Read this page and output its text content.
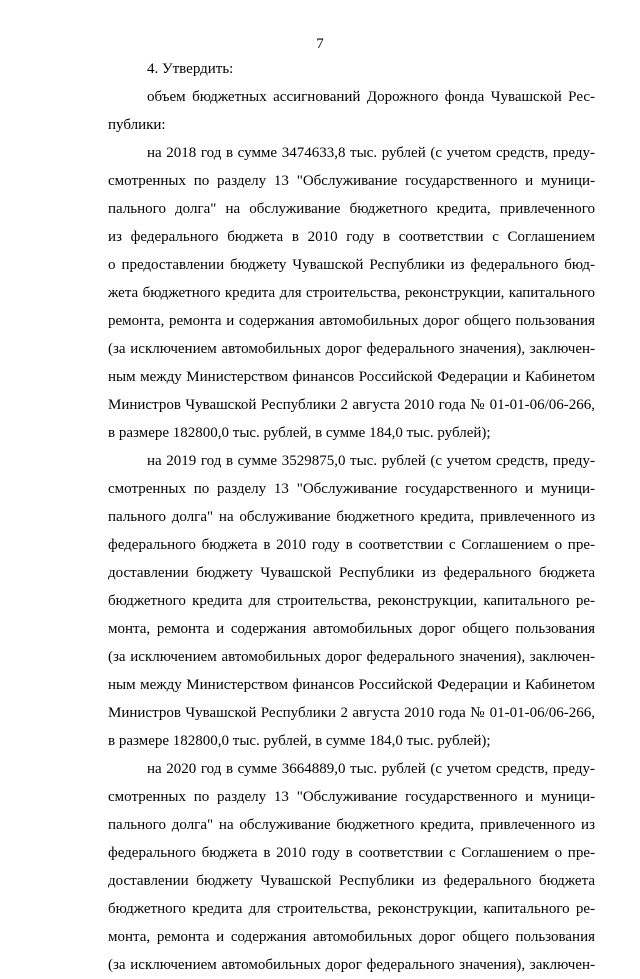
7
4. Утвердить:
объем бюджетных ассигнований Дорожного фонда Чувашской Рес-
публики:
на 2018 год в сумме 3474633,8 тыс. рублей (с учетом средств, преду-
смотренных по разделу 13 "Обслуживание государственного и муници-
пального долга" на обслуживание бюджетного кредита, привлеченного
из федерального бюджета в 2010 году в соответствии с Соглашением
о предоставлении бюджету Чувашской Республики из федерального бюд-
жета бюджетного кредита для строительства, реконструкции, капитального
ремонта, ремонта и содержания автомобильных дорог общего пользования
(за исключением автомобильных дорог федерального значения), заключен-
ным между Министерством финансов Российской Федерации и Кабинетом
Министров Чувашской Республики 2 августа 2010 года № 01-01-06/06-266,
в размере 182800,0 тыс. рублей, в сумме 184,0 тыс. рублей);
на 2019 год в сумме 3529875,0 тыс. рублей (с учетом средств, преду-
смотренных по разделу 13 "Обслуживание государственного и муници-
пального долга" на обслуживание бюджетного кредита, привлеченного из
федерального бюджета в 2010 году в соответствии с Соглашением о пре-
доставлении бюджету Чувашской Республики из федерального бюджета
бюджетного кредита для строительства, реконструкции, капитального ре-
монта, ремонта и содержания автомобильных дорог общего пользования
(за исключением автомобильных дорог федерального значения), заключен-
ным между Министерством финансов Российской Федерации и Кабинетом
Министров Чувашской Республики 2 августа 2010 года № 01-01-06/06-266,
в размере 182800,0 тыс. рублей, в сумме 184,0 тыс. рублей);
на 2020 год в сумме 3664889,0 тыс. рублей (с учетом средств, преду-
смотренных по разделу 13 "Обслуживание государственного и муници-
пального долга" на обслуживание бюджетного кредита, привлеченного из
федерального бюджета в 2010 году в соответствии с Соглашением о пре-
доставлении бюджету Чувашской Республики из федерального бюджета
бюджетного кредита для строительства, реконструкции, капитального ре-
монта, ремонта и содержания автомобильных дорог общего пользования
(за исключением автомобильных дорог федерального значения), заключен-
